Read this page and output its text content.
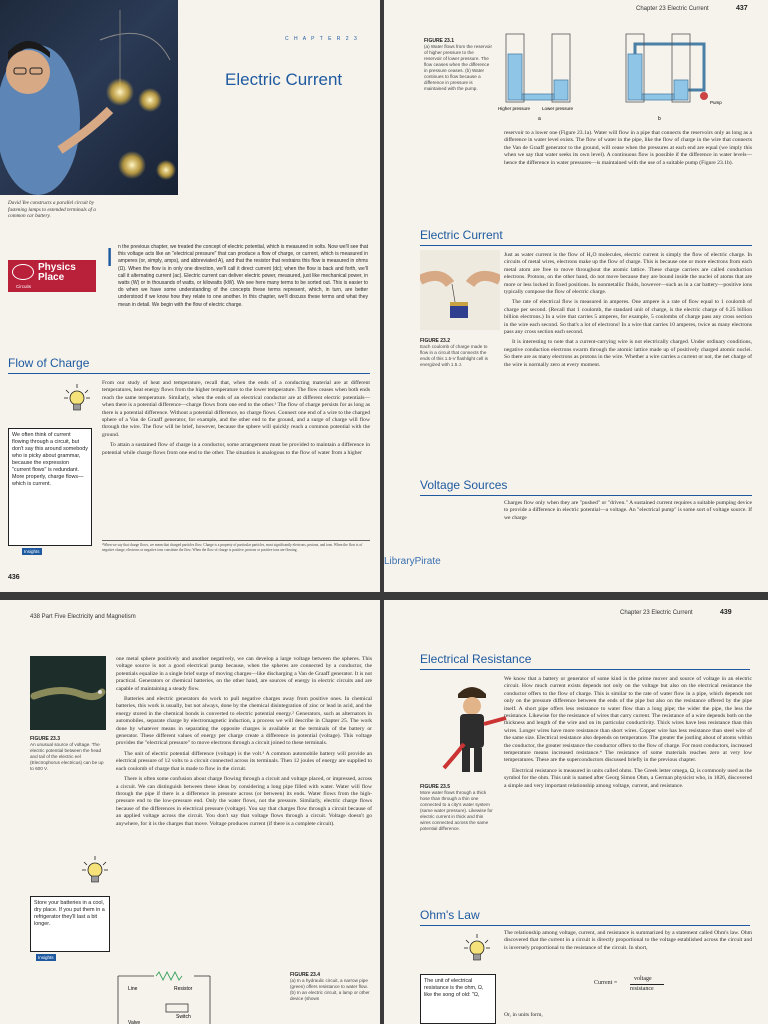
C H A P T E R 2 3
Electric Current
David Yee constructs a parallel circuit by fastening lamps to extended terminals of a common car battery.
Physics
Place
Circuits
I n the previous chapter, we treated the concept of electric potential, which is measured in volts. Now we'll see that this voltage acts like an "electrical pressure" that can produce a flow of charge, or current, which is measured in amperes (or, simply, amps), and abbreviated A), and that the resistor that restrains this flow is measured in ohms (Ω). When the flow is in only one direction, we'll call it direct current (dc); when the flow is back and forth, we'll call it alternating current (ac). Electric current can deliver electric power, measured, just like mechanical power, in watts (W) or in thousands of watts, or kilowatts (kW). We see here many terms to be sorted out. This is easier to do when we have some understanding of the concepts these terms represent, which, in turn, are better understood if we know how they relate to one another. In this chapter, we'll discuss these terms and what they mean in detail. We begin with the flow of electric charge.
Flow of Charge
We often think of current flowing through a circuit, but don't say this around somebody who is picky about grammar, because the expression "current flows" is redundant. More properly, charge flows—which is current.
Insights

From our study of heat and temperature, recall that, when the ends of a conducting material are at different temperatures, heat energy flows from the higher temperature to the lower temperature. The flow ceases when both ends reach the same temperature. Similarly, when the ends of an electrical conductor are at different electric potentials—when there is a potential difference—charge flows from one end to the other.¹ The flow of charge persists for as long as there is a potential difference. Without a potential difference, no charge flows. Connect one end of a wire to the charged sphere of a Van de Graaff generator, for example, and the other end to the ground, and a surge of charge will flow through the wire. The flow will be brief, however, because the sphere will quickly reach a common potential with the ground.

To attain a sustained flow of charge in a conductor, some arrangement must be provided to maintain a difference in potential while charge flows from one end to the other. The situation is analogous to the flow of water from a higher

¹When we say that charge flows, we mean that charged particles flow. Charge is a property of particular particles, most significantly electrons, protons, and ions. When the flow is of negative charge, electrons or negative ions constitute the flow. When the flow of charge is positive, protons or positive ions are flowing.
436
Chapter 23 Electric Current	437
FIGURE 23.1
(a) Water flows from the reservoir of higher pressure to the reservoir of lower pressure. The flow ceases when the difference in pressure ceases. (b) Water continues to flow because a difference in pressure is maintained with the pump.
Higher pressure	Lower pressure
Pump
a	b
reservoir to a lower one (Figure 23.1a). Water will flow in a pipe that connects the reservoirs only as long as a difference in water level exists. The flow of water in the pipe, like the flow of charge in the wire that connects the Van de Graaff generator to the ground, will cease when the pressures at each end are equal (we imply this when we say that water seeks its own level). A continuous flow is possible if the difference in water levels—hence the difference in water pressures—is maintained with the use of a suitable pump (Figure 23.1b).
Electric Current
FIGURE 23.2
Each coulomb of charge made to flow in a circuit that connects the ends of this 1.5-V flashlight cell is energized with 1.5 J.

Just as water current is the flow of H₂O molecules, electric current is simply the flow of electric charge. In circuits of metal wires, electrons make up the flow of charge. This is because one or more electrons from each metal atom are free to move throughout the atomic lattice. These charge carriers are called conduction electrons. Protons, on the other hand, do not move because they are bound inside the nuclei of atoms that are more or less locked in fixed positions. In nonmetallic fluids, however—such as in a car battery—positive ions typically compose the flow of electric charge.

The rate of electrical flow is measured in amperes. One ampere is a rate of flow equal to 1 coulomb of charge per second. (Recall that 1 coulomb, the standard unit of charge, is the electric charge of 6.25 billion billion electrons.) In a wire that carries 5 amperes, for example, 5 coulombs of charge pass any cross section in the wire each second. So that's a lot of electrons! In a wire that carries 10 amperes, twice as many electrons pass any cross section each second.

It is interesting to note that a current-carrying wire is not electrically charged. Under ordinary conditions, negative conduction electrons swarm through the atomic lattice made up of positively charged atomic nuclei. So there are as many electrons as protons in the wire. Whether a wire carries a current or not, the net charge of the wire is normally zero at every moment.

Voltage Sources
Charges flow only when they are "pushed" or "driven." A sustained current requires a suitable pumping device to provide a difference in electric potential—a voltage. An "electrical pump" is some sort of voltage source. If we charge
LibraryPirate
438 Part Five Electricity and Magnetism
FIGURE 23.3
An unusual source of voltage. The electric potential between the head and tail of the electric eel (Electrophorus electricus) can be up to 600 V.

one metal sphere positively and another negatively, we can develop a large voltage between the spheres. This voltage source is not a good electrical pump because, when the spheres are connected by a conductor, the potentials equalize in a single brief surge of moving charges—like discharging a Van de Graaff generator. It is not practical. Generators or chemical batteries, on the other hand, are sources of energy in electric circuits and are capable of maintaining a steady flow.

Batteries and electric generators do work to pull negative charges away from positive ones. In chemical batteries, this work is usually, but not always, done by the chemical disintegration of zinc or lead in acid, and the energy stored in the chemical bonds is converted to electric potential energy.² Generators, such as alternators in automobiles, separate charge by electromagnetic induction, a process we will describe in Chapter 25. The work done by whatever means in separating the opposite charges is available at the terminals of the battery or generator. These different values of energy per charge create a difference in potential (voltage). This voltage provides the "electrical pressure" to move electrons through a circuit joined to these terminals.

The unit of electric potential difference (voltage) is the volt.³ A common automobile battery will provide an electrical pressure of 12 volts to a circuit connected across its terminals. Then 12 joules of energy are supplied to each coulomb of charge that is made to flow in the circuit.

There is often some confusion about charge flowing through a circuit and voltage placed, or impressed, across a circuit. We can distinguish between these ideas by considering a long pipe filled with water. Water will flow through the pipe if there is a difference in pressure across (or between) its ends. Water flows from the high-pressure end to the low-pressure end. Only the water flows, not the pressure. Similarly, electric charge flows because of the differences in electrical pressure (voltage). You say that charges flow through a circuit because of an applied voltage across the circuit. You don't say that voltage flows through a circuit. Voltage doesn't go anywhere, for it is the charges that move. Voltage produces current (if there is a complete circuit).

Store your batteries in a cool, dry place. If you put them in a refrigerator they'll last a bit longer.
Insights
Line	Resistor
Switch
Valve
FIGURE 23.4
(a) In a hydraulic circuit, a narrow pipe (green) offers resistance to water flow. (b) In an electric circuit, a lamp or other device (shown
Chapter 23 Electric Current	439
Electrical Resistance
FIGURE 23.5
More water flows through a thick hose than through a thin one connected to a city's water system (same water pressure). Likewise for electric current in thick and thin wires connected across the same potential difference.

We know that a battery or generator of some kind is the prime mover and source of voltage in an electric circuit. How much current exists depends not only on the voltage but also on the electrical resistance the conductor offers to the flow of charge. This is similar to the rate of water flow in a pipe, which depends not only on the pressure difference between the ends of the pipe but also on the resistance offered by the pipe itself. A short pipe offers less resistance to water flow than a long pipe; the wider the pipe, the less the resistance. Likewise for the resistance of wires that carry current. The resistance of a wire depends both on the thickness and length of the wire and on its particular conductivity. Thick wires have less resistance than thin wires. Longer wires have more resistance than short wires. Copper wire has less resistance than steel wire of the same size. Electrical resistance also depends on temperature. The greater the jostling about of atoms within the conductor, the greater resistance the conductor offers to the flow of charge. For most conductors, increased temperature means increased resistance.⁴ The resistance of some materials reaches zero at very low temperatures. These are the superconductors discussed briefly in the previous chapter.

Electrical resistance is measured in units called ohms. The Greek letter omega, Ω, is commonly used as the symbol for the ohm. This unit is named after Georg Simon Ohm, a German physicist who, in 1826, discovered a simple and very important relationship among voltage, current, and resistance.

Ohm's Law
The unit of electrical resistance is the ohm, Ω, like the song of old: "Ω,
The relationship among voltage, current, and resistance is summarized by a statement called Ohm's law. Ohm discovered that the current in a circuit is directly proportional to the voltage established across the circuit and is inversely proportional to the resistance of the circuit. In short,
Current =
voltage
resistance
Or, in units form,
